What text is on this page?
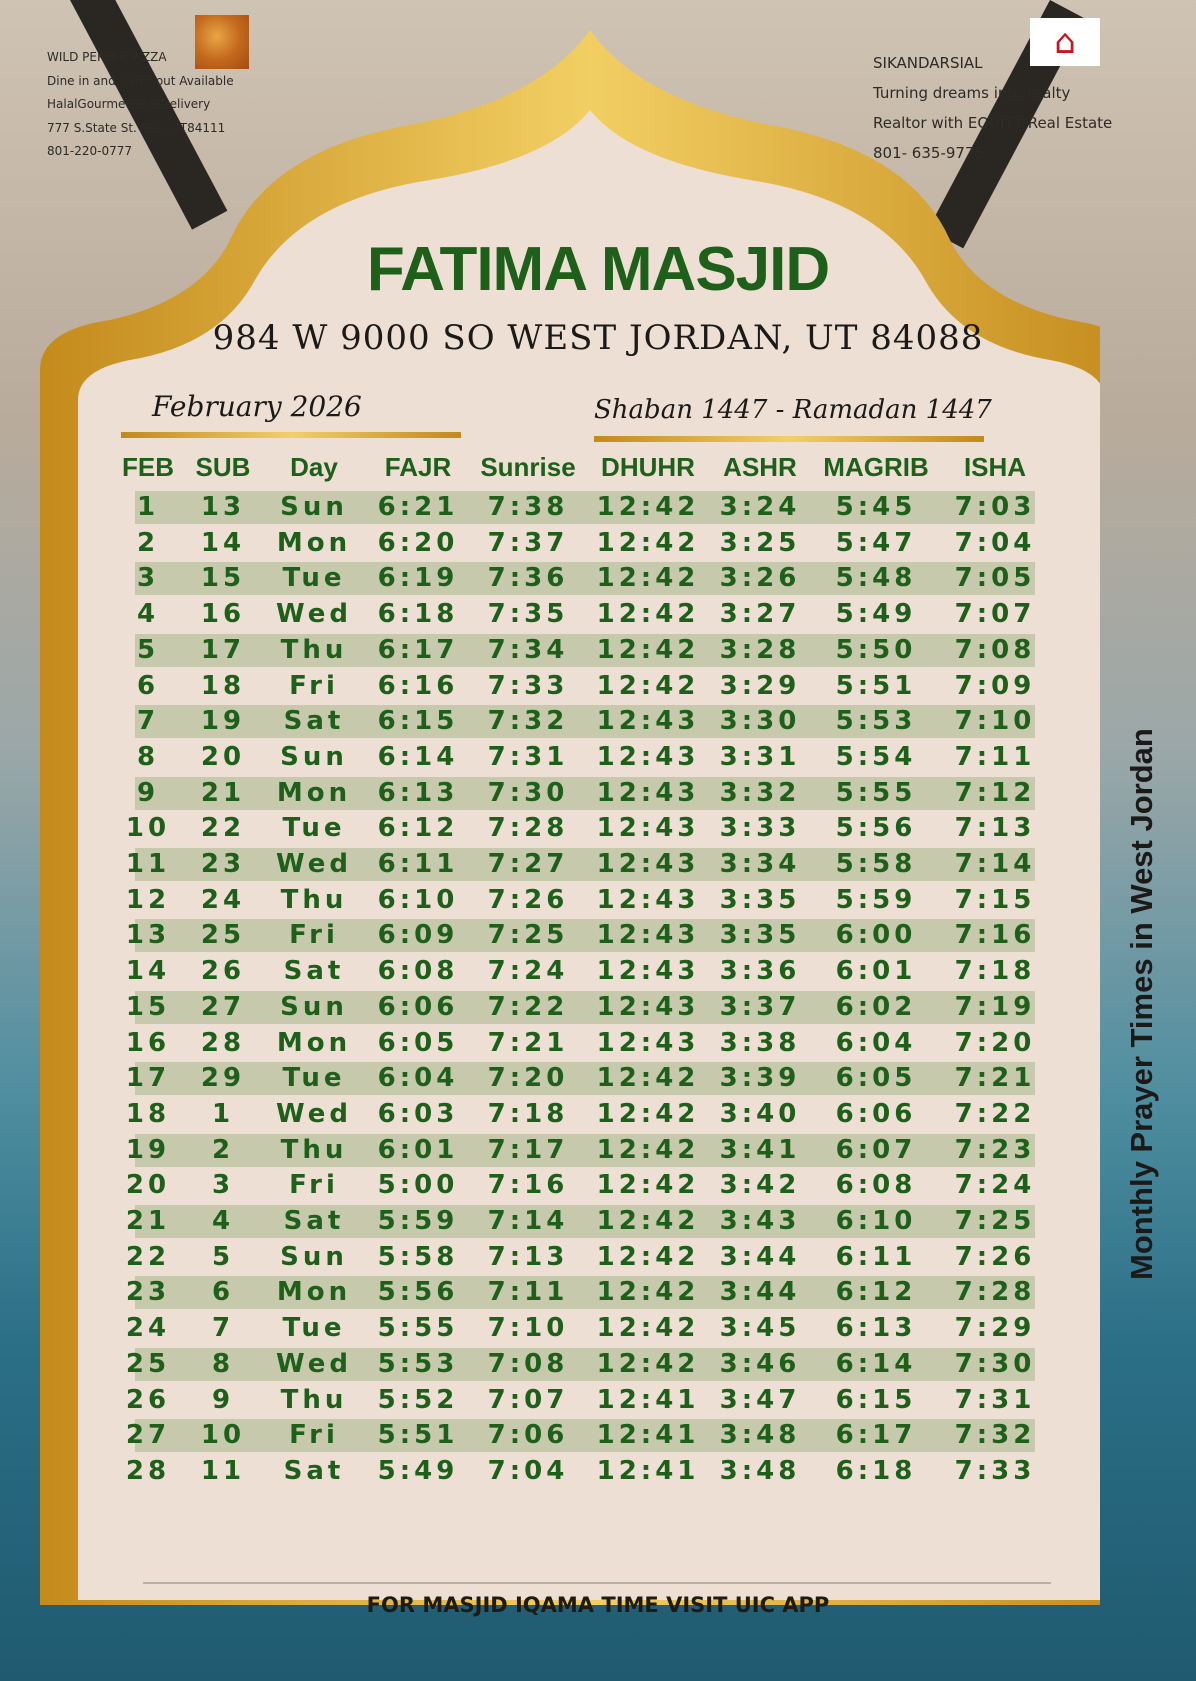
WILD PEPPER PIZZA
Dine in and Carry out Available
HalalGourmetPizzaDelivery
777 S.State St. SLC, UT84111
801-220-0777
SIKANDARSIAL
Turning dreams into realty
Realtor with EQUITY Real Estate
801- 635-9775
⌂
FATIMA MASJID
984 W 9000 SO WEST JORDAN, UT 84088
February 2026	Shaban 1447 - Ramadan 1447
FEB SUB Day FAJR Sunrise DHUHR ASHR MAGRIB ISHA
1 13 Sun 6:21 7:38 12:42 3:24 5:45 7:03
2 14 Mon 6:20 7:37 12:42 3:25 5:47 7:04
3 15 Tue 6:19 7:36 12:42 3:26 5:48 7:05
4 16 Wed 6:18 7:35 12:42 3:27 5:49 7:07
5 17 Thu 6:17 7:34 12:42 3:28 5:50 7:08
6 18 Fri 6:16 7:33 12:42 3:29 5:51 7:09
7 19 Sat 6:15 7:32 12:43 3:30 5:53 7:10
8 20 Sun 6:14 7:31 12:43 3:31 5:54 7:11
9 21 Mon 6:13 7:30 12:43 3:32 5:55 7:12
10 22 Tue 6:12 7:28 12:43 3:33 5:56 7:13
11 23 Wed 6:11 7:27 12:43 3:34 5:58 7:14
12 24 Thu 6:10 7:26 12:43 3:35 5:59 7:15
13 25 Fri 6:09 7:25 12:43 3:35 6:00 7:16
14 26 Sat 6:08 7:24 12:43 3:36 6:01 7:18
15 27 Sun 6:06 7:22 12:43 3:37 6:02 7:19
16 28 Mon 6:05 7:21 12:43 3:38 6:04 7:20
17 29 Tue 6:04 7:20 12:42 3:39 6:05 7:21
18 1 Wed 6:03 7:18 12:42 3:40 6:06 7:22
19 2 Thu 6:01 7:17 12:42 3:41 6:07 7:23
20 3 Fri 5:00 7:16 12:42 3:42 6:08 7:24
21 4 Sat 5:59 7:14 12:42 3:43 6:10 7:25
22 5 Sun 5:58 7:13 12:42 3:44 6:11 7:26
23 6 Mon 5:56 7:11 12:42 3:44 6:12 7:28
24 7 Tue 5:55 7:10 12:42 3:45 6:13 7:29
25 8 Wed 5:53 7:08 12:42 3:46 6:14 7:30
26 9 Thu 5:52 7:07 12:41 3:47 6:15 7:31
27 10 Fri 5:51 7:06 12:41 3:48 6:17 7:32
28 11 Sat 5:49 7:04 12:41 3:48 6:18 7:33
Monthly Prayer Times in West Jordan
FOR MASJID IQAMA TIME VISIT UIC APP
